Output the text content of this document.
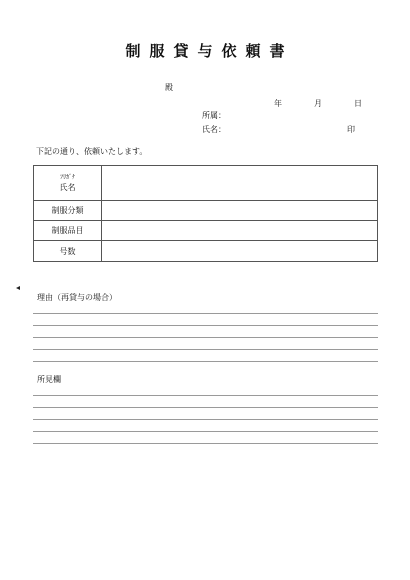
制服貸与依頼書
殿
年	月	日
所属：
氏名：	印
下記の通り、依頼いたします。
ﾌﾘｶﾞﾅ
氏名	

制服分類	
制服品目	
号数	
理由（再貸与の場合）
所見欄
